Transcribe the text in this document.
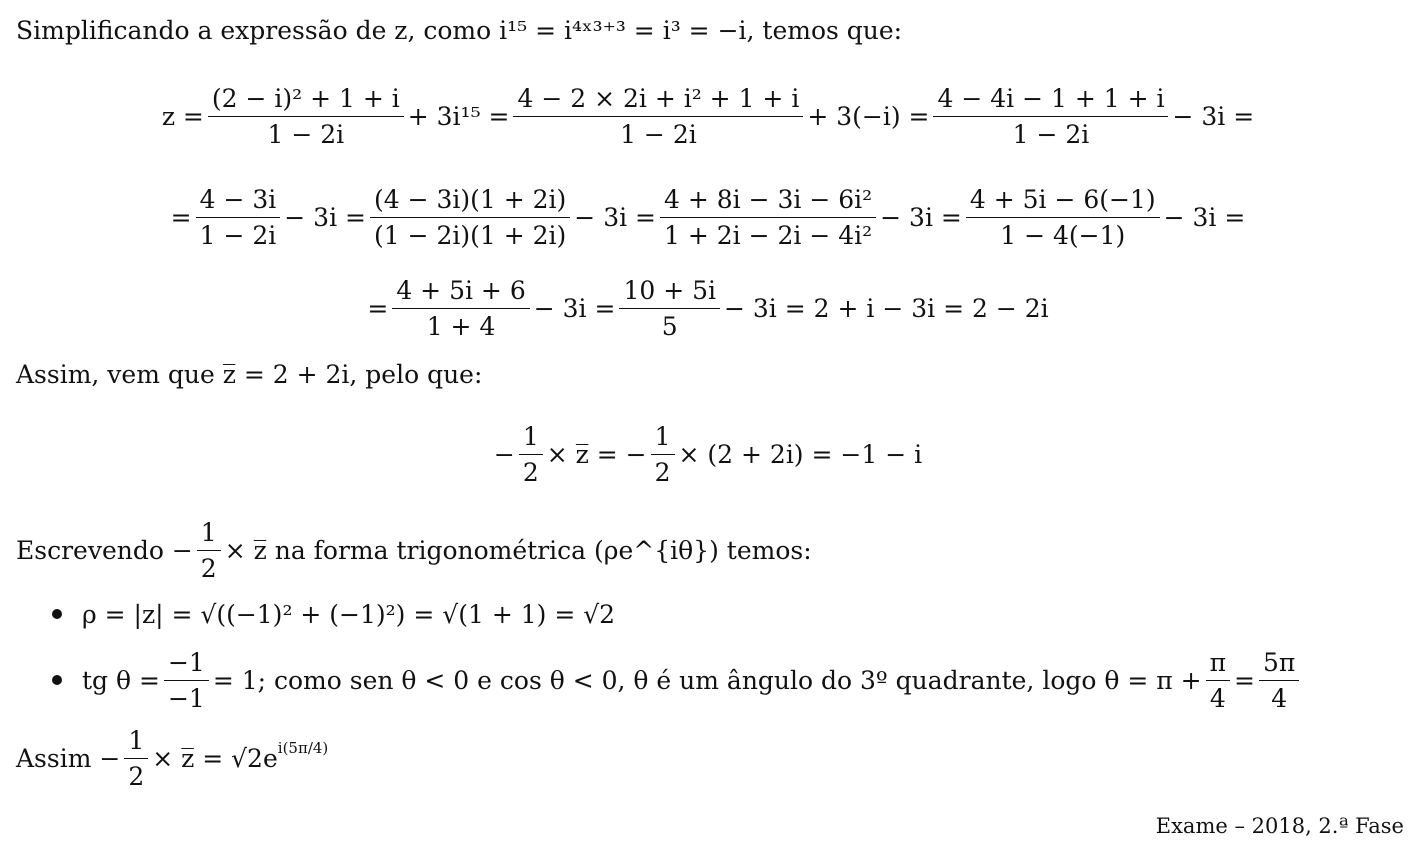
Simplificando a expressão de z, como i¹⁵ = i⁴ˣ³⁺³ = i³ = −i, temos que:
$z = \frac{\text{(2 − i)² + 1 + i}}{1 - 2i} + 3i^{15} = \frac{\text{4 − 2 × 2i + i² + 1 + i}}{1 - 2i} + 3(-i) = \frac{4 - 4i - 1 + 1 + i}{1 - 2i} - 3i$ =
= $\frac{4 - 3i}{1 - 2i} - 3i = \frac{(4 - 3i)(1 + 2i)}{(1 - 2i)(1 + 2i)} - 3i = \frac{\text{4 + 8i − 3i − 6i²}}{\text{1 + 2i − 2i − 4i²}} - 3i = \frac{4 + 5i - 6(-1)}{1 - 4(-1)} - 3i$ =
= $\frac{4 + 5i + 6}{1 + 4} - 3i = \frac{10 + 5i}{5} - 3i = 2 + i - 3i = 2 - 2i$
Assim, vem que z̅ = 2 + 2i, pelo que:
− $\frac{1}{2}$ × z̅ = − $\frac{1}{2} \times (2 + 2i) = -1 - i$
Escrevendo − $\frac{1}{2}$ × z̅ na forma trigonométrica (ρe^{iθ}) temos:
ρ = |z| = √((−1)² + (−1)²) = √(1 + 1) = √2
tg $\theta = \frac{-1}{-1} = 1$; como sen θ < 0 e cos θ < 0, θ é um ângulo do 3º quadrante, logo $\theta = \pi + \frac{\pi}{4} = \frac{5\pi}{4}$
Assim − $\frac{1}{2}$ × z̅ = $√2e^{i(5\pi/4)}$
Exame – 2018, 2.ª Fase
